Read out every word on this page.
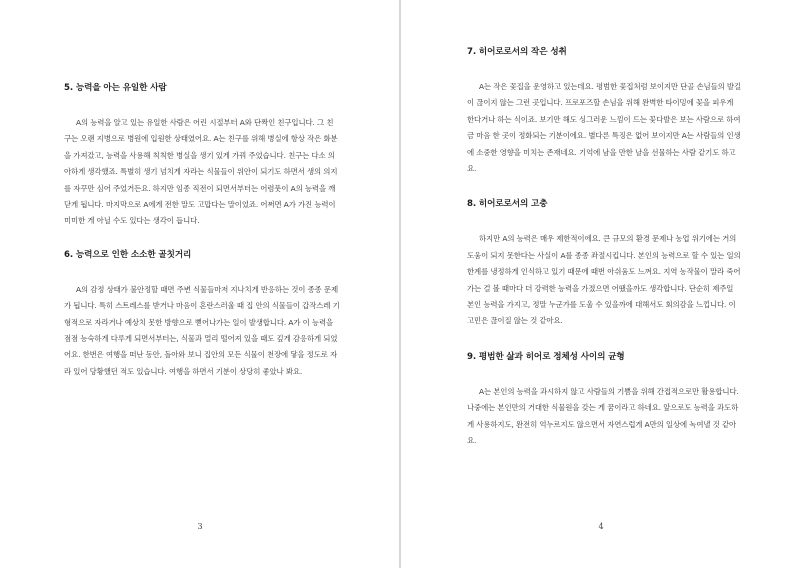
5. 능력을 아는 유일한 사람

A의 능력을 알고 있는 유일한 사람은 어린 시절부터 A와 단짝인 친구입니다. 그 친구는 오랜 지병으로 병원에 입원한 상태였어요. A는 친구를 위해 병실에 항상 작은 화분을 가져갔고, 능력을 사용해 칙칙한 병실을 생기 있게 가꿔 주었습니다. 친구는 다소 의아하게 생각했죠. 특별히 생기 넘치게 자라는 식물들이 위안이 되기도 하면서 생의 의지를 자꾸만 심어 주었거든요. 하지만 임종 직전이 되면서부터는 어렴풋이 A의 능력을 깨닫게 됩니다. 마지막으로 A에게 전한 말도 고맙다는 말이었죠. 어쩌면 A가 가진 능력이 미미한 게 아닐 수도 있다는 생각이 듭니다.

6. 능력으로 인한 소소한 골칫거리

A의 감정 상태가 불안정할 때면 주변 식물들마저 지나치게 반응하는 것이 종종 문제가 됩니다. 특히 스트레스를 받거나 마음이 혼란스러울 때 집 안의 식물들이 갑작스레 기형적으로 자라거나 예상치 못한 방향으로 뻗어나가는 일이 발생합니다. A가 이 능력을 점점 능숙하게 다루게 되면서부터는, 식물과 멀리 떨어져 있을 때도 깊게 감응하게 되었어요. 한번은 여행을 떠난 동안, 돌아와 보니 집안의 모든 식물이 천장에 닿을 정도로 자라 있어 당황했던 적도 있습니다. 여행을 하면서 기분이 상당히 좋았나 봐요.

3
7. 히어로로서의 작은 성취

A는 작은 꽃집을 운영하고 있는데요. 평범한 꽃집처럼 보이지만 단골 손님들의 발길이 끊이지 않는 그런 곳입니다. 프로포즈할 손님을 위해 완벽한 타이밍에 꽃을 피우게 한다거나 하는 식이죠. 보기만 해도 싱그러운 느낌이 드는 꽃다발은 보는 사람으로 하여금 마음 한 곳이 정화되는 기분이에요. 별다른 특징은 없어 보이지만 A는 사람들의 인생에 소중한 영향을 미치는 존재네요. 기억에 남을 만한 날을 선물하는 사람 같기도 하고요.

8. 히어로로서의 고충

하지만 A의 능력은 매우 제한적이에요. 큰 규모의 환경 문제나 농업 위기에는 거의 도움이 되지 못한다는 사실이 A를 종종 좌절시킵니다. 본인의 능력으로 할 수 있는 일의 한계를 냉정하게 인식하고 있기 때문에 때번 아쉬움도 느껴요. 지역 농작물이 말라 죽어가는 걸 볼 때마다 더 강력한 능력을 가졌으면 어땠을까도 생각합니다. 단순히 제주일 본인 능력을 가지고, 정말 누군가를 도울 수 있을까에 대해서도 회의감을 느낍니다. 이 고민은 끊이질 않는 것 같아요.

9. 평범한 삶과 히어로 정체성 사이의 균형

A는 본인의 능력을 과시하지 않고 사람들의 기쁨을 위해 간접적으로만 활용합니다. 나중에는 본인만의 거대한 식물원을 갖는 게 꿈이라고 하네요. 앞으로도 능력을 과도하게 사용하지도, 완전히 억누르지도 않으면서 자연스럽게 A만의 일상에 녹여낼 것 같아요.

4
